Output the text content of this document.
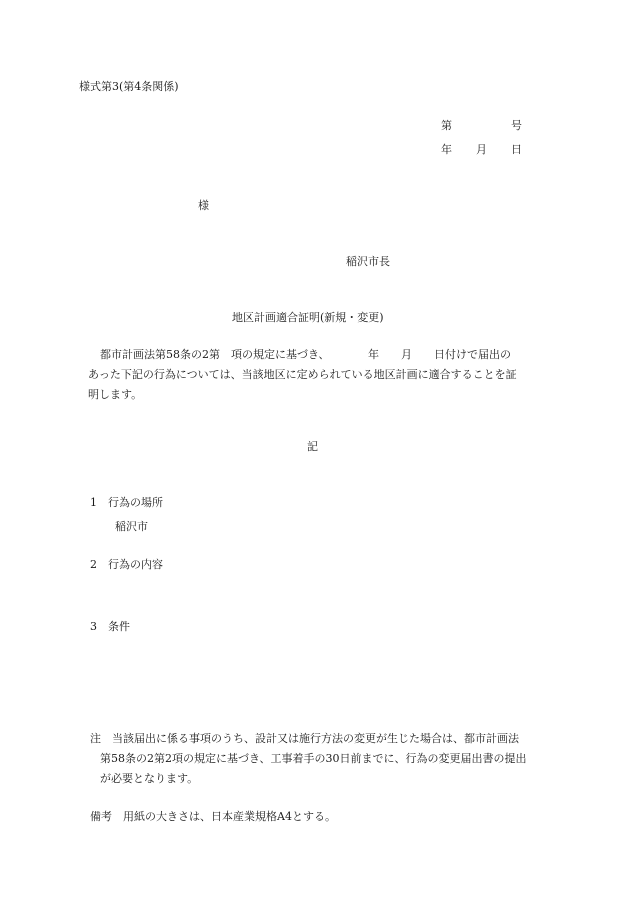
様式第3(第4条関係)
第	号
年 月 日
様
稲沢市長
地区計画適合証明(新規・変更)
都市計画法第58条の2第　項の規定に基づき、　　　　年　　月　　日付けで届出の
あった下記の行為については、当該地区に定められている地区計画に適合することを証
明します。
記
1 行為の場所
稲沢市
2 行為の内容
3 条件
注　 当該届出に係る事項のうち、設計又は施行方法の変更が生じた場合は、都市計画法
第58条の2第2項の規定に基づき、工事着手の30日前までに、行為の変更届出書の提出
が必要となります。
備考　 用紙の大きさは、日本産業規格A4とする。
